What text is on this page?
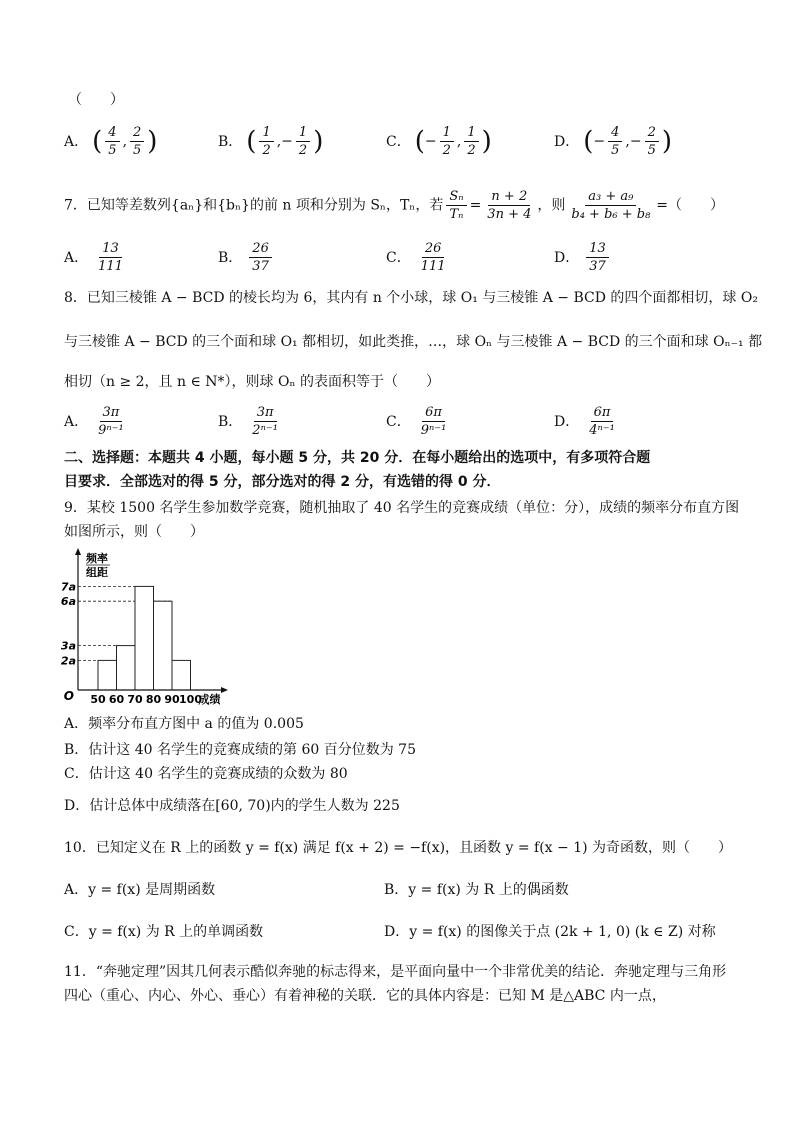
（　　）
A． ( $\frac{4}{5}$ , $\frac{2}{5}$ )	B． ( $\frac{1}{2}$ ,− $\frac{1}{2}$ )	C． (− $\frac{1}{2}$ , $\frac{1}{2}$ )	D． (− $\frac{4}{5}$ ,− $\frac{2}{5}$ )
7．已知等差数列{aₙ}和{bₙ}的前 n 项和分别为 Sₙ，Tₙ，若 $\frac{\text{Sₙ}}{\text{Tₙ}} = \frac{n + 2}{3n + 4}$ ，则 $\frac{\text{a₃ + a₉}}{\text{b₄ + b₆ + b₈}}$ =（　　）
A． $\frac{13}{111}$	B． $\frac{26}{37}$	C． $\frac{26}{111}$	D． $\frac{13}{37}$
8．已知三棱锥 A − BCD 的棱长均为 6，其内有 n 个小球，球 O₁ 与三棱锥 A − BCD 的四个面都相切，球 O₂
与三棱锥 A − BCD 的三个面和球 O₁ 都相切，如此类推，…，球 Oₙ 与三棱锥 A − BCD 的三个面和球 Oₙ₋₁ 都
相切（n ≥ 2，且 n ∈ N*），则球 Oₙ 的表面积等于（　　）
A． $\frac{3\pi}{\text{9ⁿ⁻¹}}$	B． $\frac{3\pi}{\text{2ⁿ⁻¹}}$	C． $\frac{6\pi}{\text{9ⁿ⁻¹}}$	D． $\frac{6\pi}{\text{4ⁿ⁻¹}}$
二、选择题：本题共 4 小题，每小题 5 分，共 20 分．在每小题给出的选项中，有多项符合题
目要求．全部选对的得 5 分，部分选对的得 2 分，有选错的得 0 分．
9．某校 1500 名学生参加数学竞赛，随机抽取了 40 名学生的竞赛成绩（单位：分），成绩的频率分布直方图
如图所示，则（　　）
2a
3a
6a
7a
50 60 70 80 90 100
成绩
O
频率
组距
A．频率分布直方图中 a 的值为 0.005
B．估计这 40 名学生的竞赛成绩的第 60 百分位数为 75
C．估计这 40 名学生的竞赛成绩的众数为 80
D．估计总体中成绩落在[60, 70)内的学生人数为 225
10．已知定义在 R 上的函数 y = f(x) 满足 f(x + 2) = −f(x)，且函数 y = f(x − 1) 为奇函数，则（　　）
A．y = f(x) 是周期函数	B．y = f(x) 为 R 上的偶函数
C．y = f(x) 为 R 上的单调函数	D．y = f(x) 的图像关于点 (2k + 1, 0) (k ∈ Z) 对称
11．“奔驰定理”因其几何表示酷似奔驰的标志得来，是平面向量中一个非常优美的结论．奔驰定理与三角形
四心（重心、内心、外心、垂心）有着神秘的关联．它的具体内容是：已知 M 是△ABC 内一点，
